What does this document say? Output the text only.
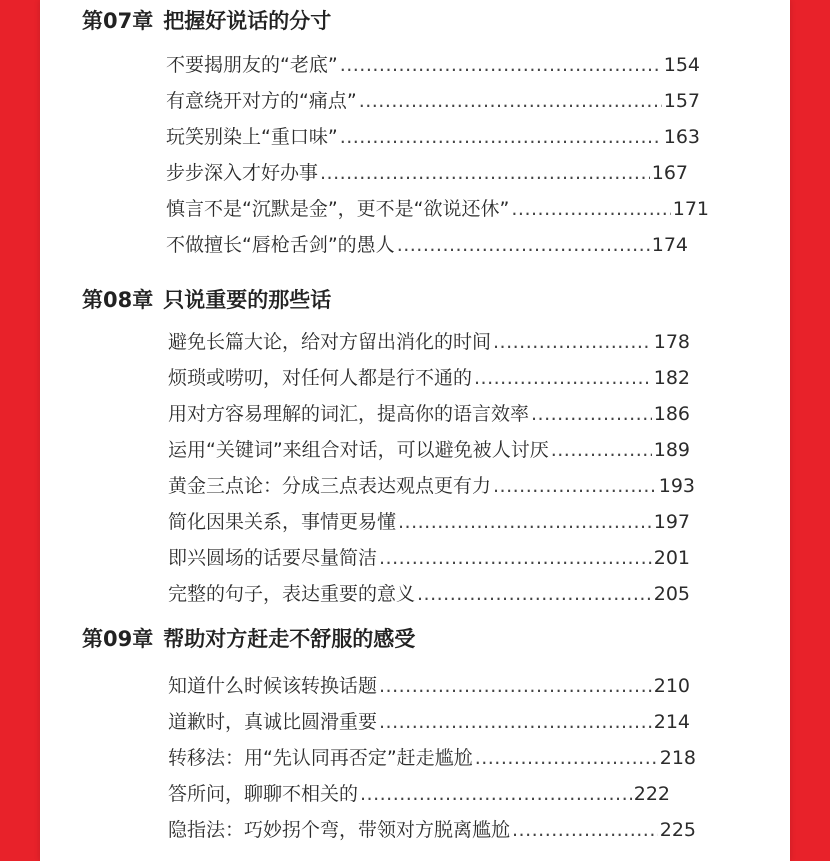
第07章 把握好说话的分寸
不要揭朋友的“老底” .....	154
有意绕开对方的“痛点” .....	157
玩笑别染上“重口味” .....	163
步步深入才好办事 .....	167
慎言不是“沉默是金”，更不是“欲说还休” .....	171
不做擅长“唇枪舌剑”的愚人 .....	174
第08章 只说重要的那些话
避免长篇大论，给对方留出消化的时间 .....	178
烦琐或唠叨，对任何人都是行不通的 .....	182
用对方容易理解的词汇，提高你的语言效率 .....	186
运用“关键词”来组合对话，可以避免被人讨厌 .....	189
黄金三点论：分成三点表达观点更有力 .....	193
简化因果关系，事情更易懂 .....	197
即兴圆场的话要尽量简洁 .....	201
完整的句子，表达重要的意义 .....	205
第09章 帮助对方赶走不舒服的感受
知道什么时候该转换话题 .....	210
道歉时，真诚比圆滑重要 .....	214
转移法：用“先认同再否定”赶走尴尬 .....	218
答所问，聊聊不相关的 .....	222
隐指法：巧妙拐个弯，带领对方脱离尴尬 .....	225
